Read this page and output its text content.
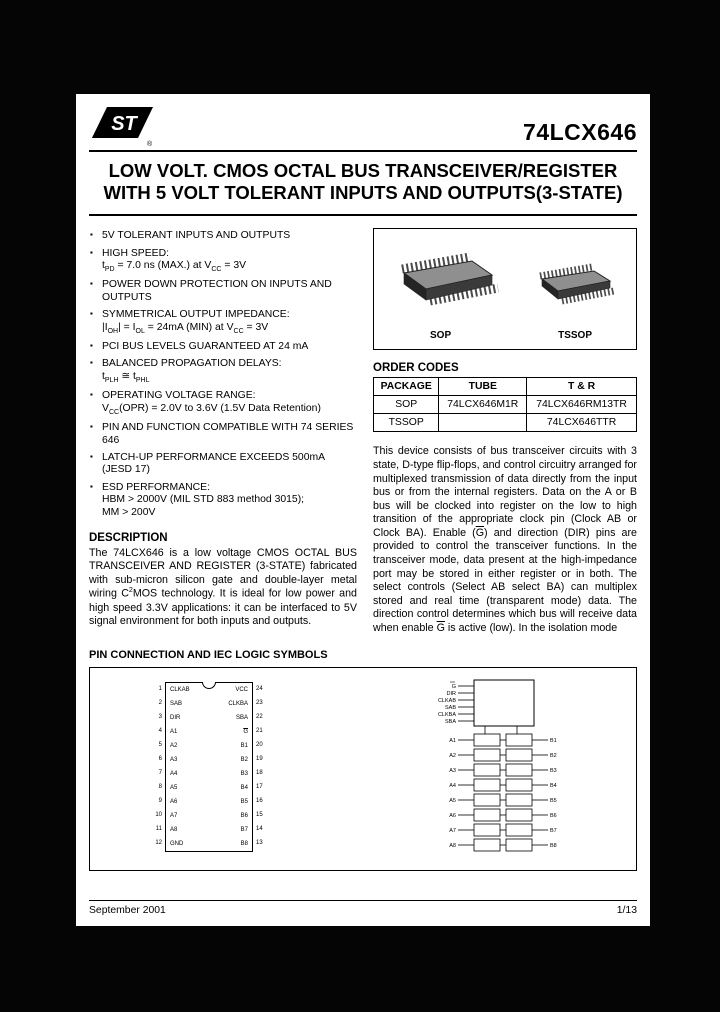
ST
®	74LCX646
LOW VOLT. CMOS OCTAL BUS TRANSCEIVER/REGISTER
WITH 5 VOLT TOLERANT INPUTS AND OUTPUTS(3-STATE)
▪ 5V TOLERANT INPUTS AND OUTPUTS
▪ HIGH SPEED:
$t_{PD} = 7.0$ ns (MAX.) at $V_{CC} = 3V$
▪ POWER DOWN PROTECTION ON INPUTS AND OUTPUTS
▪ SYMMETRICAL OUTPUT IMPEDANCE:
$|I_{OH}| = I_{OL} = 24mA$ (MIN) at $V_{CC} = 3V$
▪ PCI BUS LEVELS GUARANTEED AT 24 mA
▪ BALANCED PROPAGATION DELAYS:
$t_{PLH}$ ≅ $t_{PHL}$
▪ OPERATING VOLTAGE RANGE:
$V_{CC}(OPR) = 2.0V$ to 3.6V (1.5V Data Retention)
▪ PIN AND FUNCTION COMPATIBLE WITH 74 SERIES 646
▪ LATCH-UP PERFORMANCE EXCEEDS 500mA (JESD 17)
▪ ESD PERFORMANCE:
HBM > 2000V (MIL STD 883 method 3015);
MM > 200V
DESCRIPTION

The 74LCX646 is a low voltage CMOS OCTAL BUS TRANSCEIVER AND REGISTER (3-STATE) fabricated with sub-micron silicon gate and double-layer metal wiring $C^2MOS$ technology. It is ideal for low power and high speed 3.3V applications: it can be interfaced to 5V signal environment for both inputs and outputs.

SOP	TSSOP
ORDER CODES
PACKAGE	TUBE	T & R
SOP	74LCX646M1R	74LCX646RM13TR
TSSOP		74LCX646TTR

This device consists of bus transceiver circuits with 3 state, D-type flip-flops, and control circuitry arranged for multiplexed transmission of data directly from the input bus or from the internal registers. Data on the A or B bus will be clocked into register on the low to high transition of the appropriate clock pin (Clock AB or Clock BA). Enable $(\overline{G})$ and direction (DIR) pins are provided to control the transceiver functions. In the transceiver mode, data present at the high-impedance port may be stored in either register or in both. The select controls (Select AB select BA) can multiplex stored and real time (transparent mode) data. The direction control determines which bus will receive data when enable $\overline{G}$ is active (low). In the isolation mode

PIN CONNECTION AND IEC LOGIC SYMBOLS
1
2
3
4
5
6
7
8
9
10
11
12
CLKAB	VCC
SAB	CLKBA
DIR	SBA
A1	$\overline{G}$
A2	B1
A3	B2
A4	B3
A5	B4
A6	B5
A7	B6
A8	B7
GND	B8
24
23
22
21
20
19
18
17
16
15
14
13
G
DIR
CLKAB
SAB
CLKBA
SBA
A1	B1
A2	B2
A3	B3
A4	B4
A5	B5
A6	B6
A7	B7
A8	B8
September 2001	1/13
